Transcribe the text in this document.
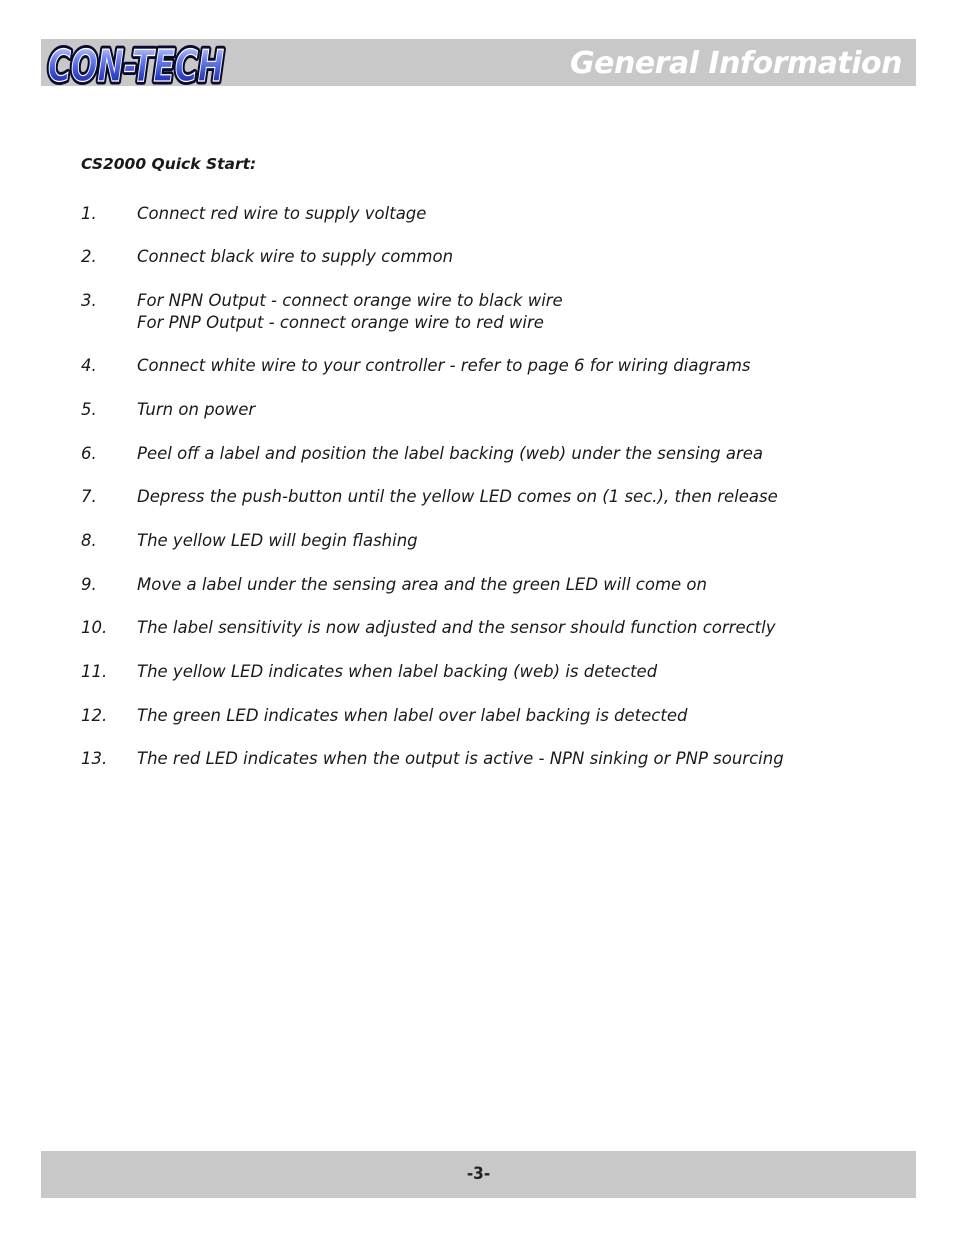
CON-TECH
CON-TECH	General Information
CS2000 Quick Start:
1.	Connect red wire to supply voltage
2.	Connect black wire to supply common
3.	For NPN Output - connect orange wire to black wire
For PNP Output - connect orange wire to red wire
4.	Connect white wire to your controller - refer to page 6 for wiring diagrams
5.	Turn on power
6.	Peel off a label and position the label backing (web) under the sensing area
7.	Depress the push-button until the yellow LED comes on (1 sec.), then release
8.	The yellow LED will begin flashing
9.	Move a label under the sensing area and the green LED will come on
10.	The label sensitivity is now adjusted and the sensor should function correctly
11.	The yellow LED indicates when label backing (web) is detected
12.	The green LED indicates when label over label backing is detected
13.	The red LED indicates when the output is active - NPN sinking or PNP sourcing
-3-
